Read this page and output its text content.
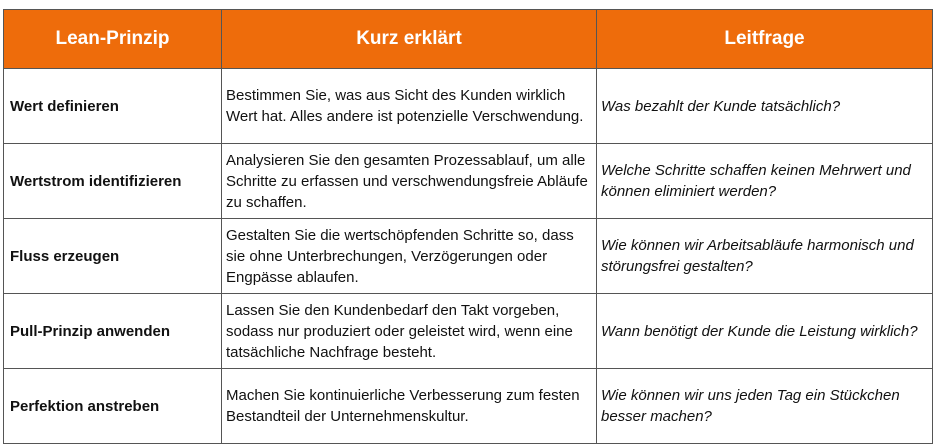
Lean-Prinzip	Kurz erklärt	Leitfrage
Wert definieren	Bestimmen Sie, was aus Sicht des Kunden wirklich Wert hat. Alles andere ist potenzielle Verschwendung.	Was bezahlt der Kunde tatsächlich?
Wertstrom identifizieren	Analysieren Sie den gesamten Prozessablauf, um alle Schritte zu erfassen und verschwendungsfreie Abläufe zu schaffen.	Welche Schritte schaffen keinen Mehrwert und können eliminiert werden?
Fluss erzeugen	Gestalten Sie die wertschöpfenden Schritte so, dass sie ohne Unterbrechungen, Verzögerungen oder Engpässe ablaufen.	Wie können wir Arbeitsabläufe harmonisch und störungsfrei gestalten?
Pull-Prinzip anwenden	Lassen Sie den Kundenbedarf den Takt vorgeben, sodass nur produziert oder geleistet wird, wenn eine tatsächliche Nachfrage besteht.	Wann benötigt der Kunde die Leistung wirklich?
Perfektion anstreben	Machen Sie kontinuierliche Verbesserung zum festen Bestandteil der Unternehmenskultur.	Wie können wir uns jeden Tag ein Stückchen besser machen?
